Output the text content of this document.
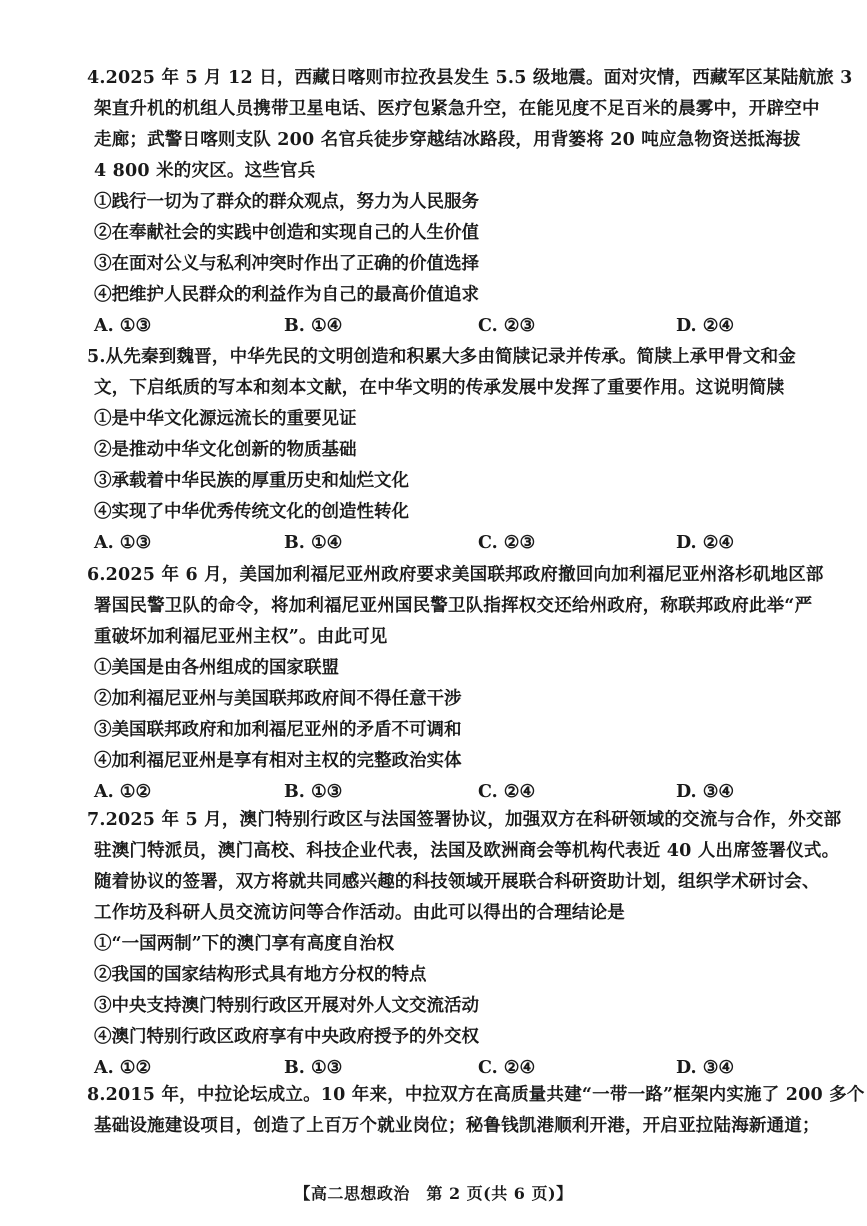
4.2025 年 5 月 12 日，西藏日喀则市拉孜县发生 5.5 级地震。面对灾情，西藏军区某陆航旅 3
架直升机的机组人员携带卫星电话、医疗包紧急升空，在能见度不足百米的晨雾中，开辟空中
走廊；武警日喀则支队 200 名官兵徒步穿越结冰路段，用背篓将 20 吨应急物资送抵海拔
4 800 米的灾区。这些官兵
①践行一切为了群众的群众观点，努力为人民服务
②在奉献社会的实践中创造和实现自己的人生价值
③在面对公义与私利冲突时作出了正确的价值选择
④把维护人民群众的利益作为自己的最高价值追求
A. ①③	B. ①④	C. ②③	D. ②④
5.从先秦到魏晋，中华先民的文明创造和积累大多由简牍记录并传承。简牍上承甲骨文和金
文，下启纸质的写本和刻本文献，在中华文明的传承发展中发挥了重要作用。这说明简牍
①是中华文化源远流长的重要见证
②是推动中华文化创新的物质基础
③承载着中华民族的厚重历史和灿烂文化
④实现了中华优秀传统文化的创造性转化
A. ①③	B. ①④	C. ②③	D. ②④
6.2025 年 6 月，美国加利福尼亚州政府要求美国联邦政府撤回向加利福尼亚州洛杉矶地区部
署国民警卫队的命令，将加利福尼亚州国民警卫队指挥权交还给州政府，称联邦政府此举“严
重破坏加利福尼亚州主权”。由此可见
①美国是由各州组成的国家联盟
②加利福尼亚州与美国联邦政府间不得任意干涉
③美国联邦政府和加利福尼亚州的矛盾不可调和
④加利福尼亚州是享有相对主权的完整政治实体
A. ①②	B. ①③	C. ②④	D. ③④
7.2025 年 5 月，澳门特别行政区与法国签署协议，加强双方在科研领域的交流与合作，外交部
驻澳门特派员，澳门高校、科技企业代表，法国及欧洲商会等机构代表近 40 人出席签署仪式。
随着协议的签署，双方将就共同感兴趣的科技领域开展联合科研资助计划，组织学术研讨会、
工作坊及科研人员交流访问等合作活动。由此可以得出的合理结论是
①“一国两制”下的澳门享有高度自治权
②我国的国家结构形式具有地方分权的特点
③中央支持澳门特别行政区开展对外人文交流活动
④澳门特别行政区政府享有中央政府授予的外交权
A. ①②	B. ①③	C. ②④	D. ③④
8.2015 年，中拉论坛成立。10 年来，中拉双方在高质量共建“一带一路”框架内实施了 200 多个
基础设施建设项目，创造了上百万个就业岗位；秘鲁钱凯港顺利开港，开启亚拉陆海新通道；
【高二思想政治　第 2 页(共 6 页)】
